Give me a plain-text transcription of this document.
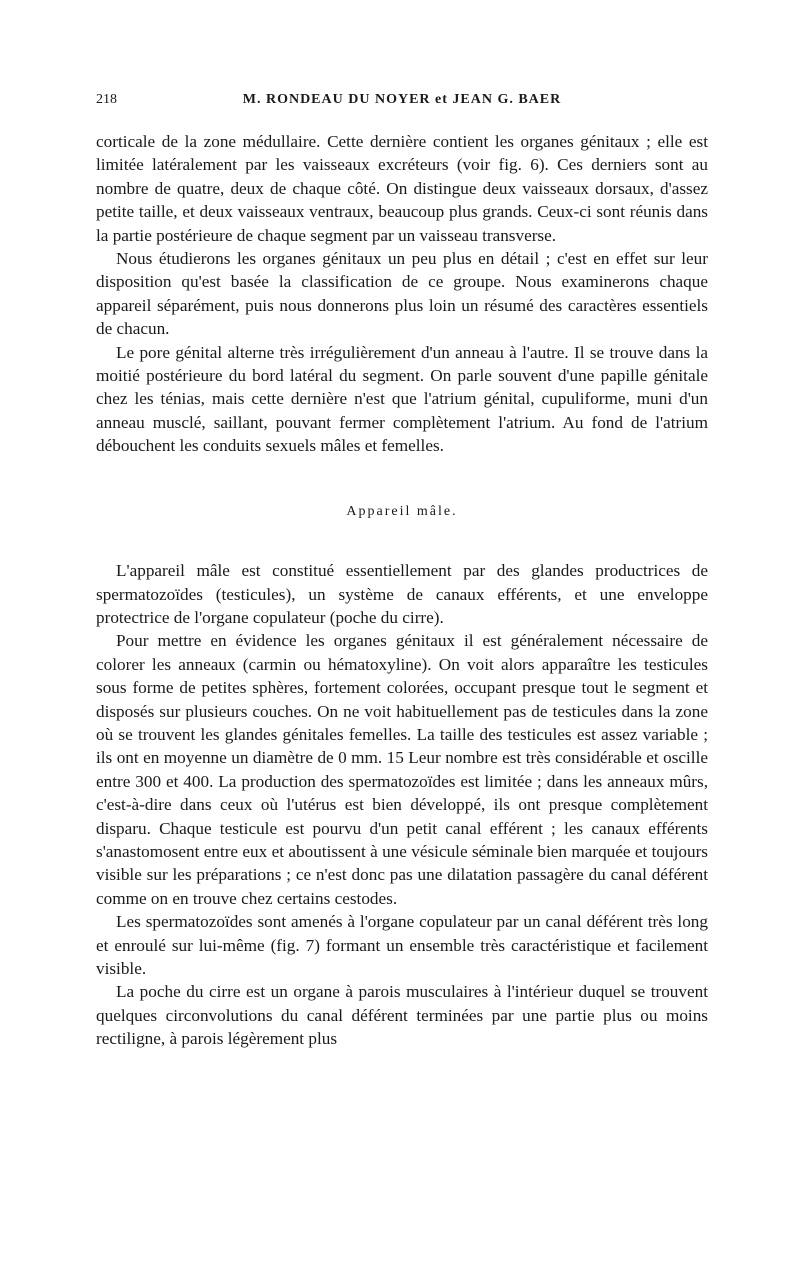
218	M. RONDEAU DU NOYER et JEAN G. BAER

corticale de la zone médullaire. Cette dernière contient les organes génitaux ; elle est limitée latéralement par les vaisseaux excréteurs (voir fig. 6). Ces derniers sont au nombre de quatre, deux de chaque côté. On distingue deux vaisseaux dorsaux, d'assez petite taille, et deux vaisseaux ventraux, beaucoup plus grands. Ceux-ci sont réunis dans la partie postérieure de chaque segment par un vaisseau transverse.

Nous étudierons les organes génitaux un peu plus en détail ; c'est en effet sur leur disposition qu'est basée la classification de ce groupe. Nous examinerons chaque appareil séparément, puis nous donnerons plus loin un résumé des caractères essentiels de chacun.

Le pore génital alterne très irrégulièrement d'un anneau à l'autre. Il se trouve dans la moitié postérieure du bord latéral du segment. On parle souvent d'une papille génitale chez les ténias, mais cette dernière n'est que l'atrium génital, cupuliforme, muni d'un anneau musclé, saillant, pouvant fermer complètement l'atrium. Au fond de l'atrium débouchent les conduits sexuels mâles et femelles.

Appareil mâle.

L'appareil mâle est constitué essentiellement par des glandes productrices de spermatozoïdes (testicules), un système de canaux efférents, et une enveloppe protectrice de l'organe copulateur (poche du cirre).

Pour mettre en évidence les organes génitaux il est généralement nécessaire de colorer les anneaux (carmin ou hématoxyline). On voit alors apparaître les testicules sous forme de petites sphères, fortement colorées, occupant presque tout le segment et disposés sur plusieurs couches. On ne voit habituellement pas de testicules dans la zone où se trouvent les glandes génitales femelles. La taille des testicules est assez variable ; ils ont en moyenne un diamètre de 0 mm. 15 Leur nombre est très considérable et oscille entre 300 et 400. La production des spermatozoïdes est limitée ; dans les anneaux mûrs, c'est-à-dire dans ceux où l'utérus est bien développé, ils ont presque complètement disparu. Chaque testicule est pourvu d'un petit canal efférent ; les canaux efférents s'anastomosent entre eux et aboutissent à une vésicule séminale bien marquée et toujours visible sur les préparations ; ce n'est donc pas une dilatation passagère du canal déférent comme on en trouve chez certains cestodes.

Les spermatozoïdes sont amenés à l'organe copulateur par un canal déférent très long et enroulé sur lui-même (fig. 7) formant un ensemble très caractéristique et facilement visible.

La poche du cirre est un organe à parois musculaires à l'intérieur duquel se trouvent quelques circonvolutions du canal déférent terminées par une partie plus ou moins rectiligne, à parois légèrement plus
